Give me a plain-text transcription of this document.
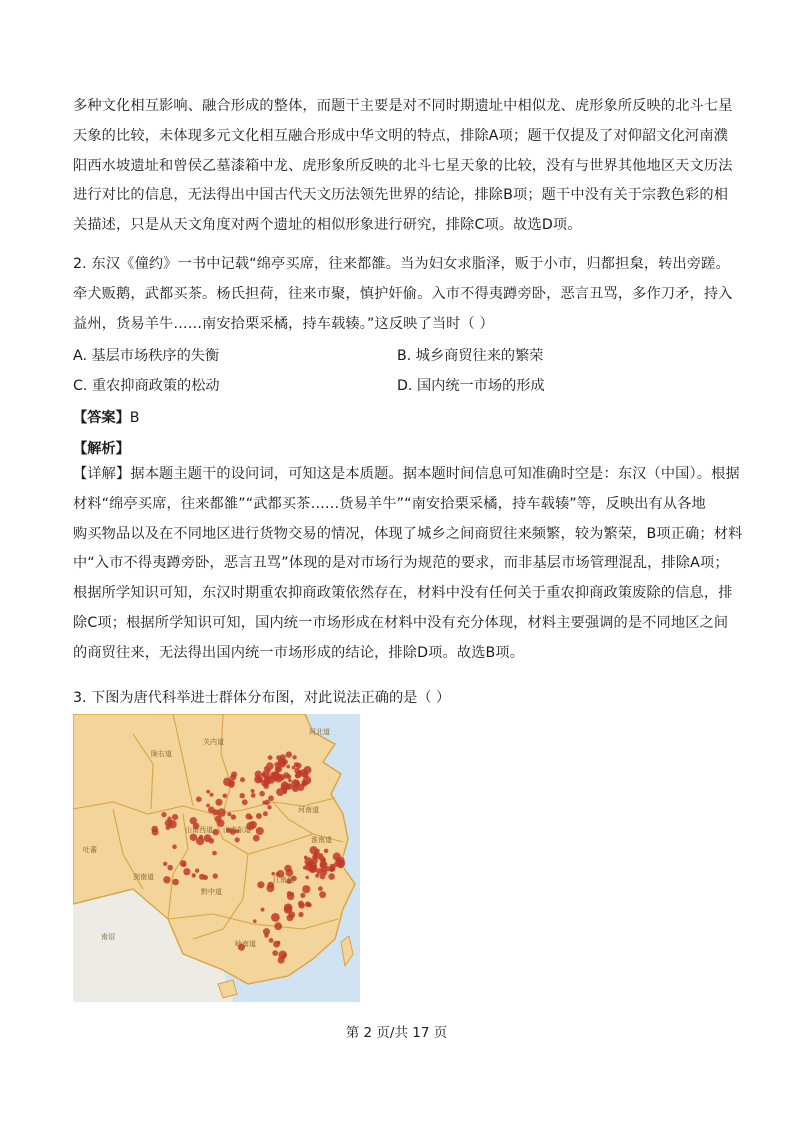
多种文化相互影响、融合形成的整体，而题干主要是对不同时期遗址中相似龙、虎形象所反映的北斗七星
天象的比较，未体现多元文化相互融合形成中华文明的特点，排除A项；题干仅提及了对仰韶文化河南濮
阳西水坡遗址和曾侯乙墓漆箱中龙、虎形象所反映的北斗七星天象的比较，没有与世界其他地区天文历法
进行对比的信息，无法得出中国古代天文历法领先世界的结论，排除B项；题干中没有关于宗教色彩的相
关描述，只是从天文角度对两个遗址的相似形象进行研究，排除C项。故选D项。
2. 东汉《僮约》一书中记载“绵亭买席，往来都雒。当为妇女求脂泽，贩于小市，归都担枲，转出旁蹉。
牵犬贩鹅，武都买茶。杨氏担荷，往来市聚，慎护奸偷。入市不得夷蹲旁卧，恶言丑骂，多作刀矛，持入
益州，货易羊牛……南安拾栗采橘，持车载辏。”这反映了当时（ ）
A. 基层市场秩序的失衡	B. 城乡商贸往来的繁荣
C. 重农抑商政策的松动	D. 国内统一市场的形成
【答案】B
【解析】
【详解】据本题主题干的设问词，可知这是本质题。据本题时间信息可知准确时空是：东汉（中国）。根据
材料“绵亭买席，往来都雒”“武都买茶……货易羊牛”“南安拾栗采橘，持车载辏”等，反映出有从各地
购买物品以及在不同地区进行货物交易的情况，体现了城乡之间商贸往来频繁，较为繁荣，B项正确；材料
中“入市不得夷蹲旁卧，恶言丑骂”体现的是对市场行为规范的要求，而非基层市场管理混乱，排除A项；
根据所学知识可知，东汉时期重农抑商政策依然存在，材料中没有任何关于重农抑商政策废除的信息，排
除C项；根据所学知识可知，国内统一市场形成在材料中没有充分体现，材料主要强调的是不同地区之间
的商贸往来，无法得出国内统一市场形成的结论，排除D项。故选B项。
3. 下图为唐代科举进士群体分布图，对此说法正确的是（ ）
河北道
关内道
陇右道
河南道
山南西道 山南东道
剑南道
黔中道
江南道
岭南道
南诏
吐蕃
淮南道
第 2 页/共 17 页
